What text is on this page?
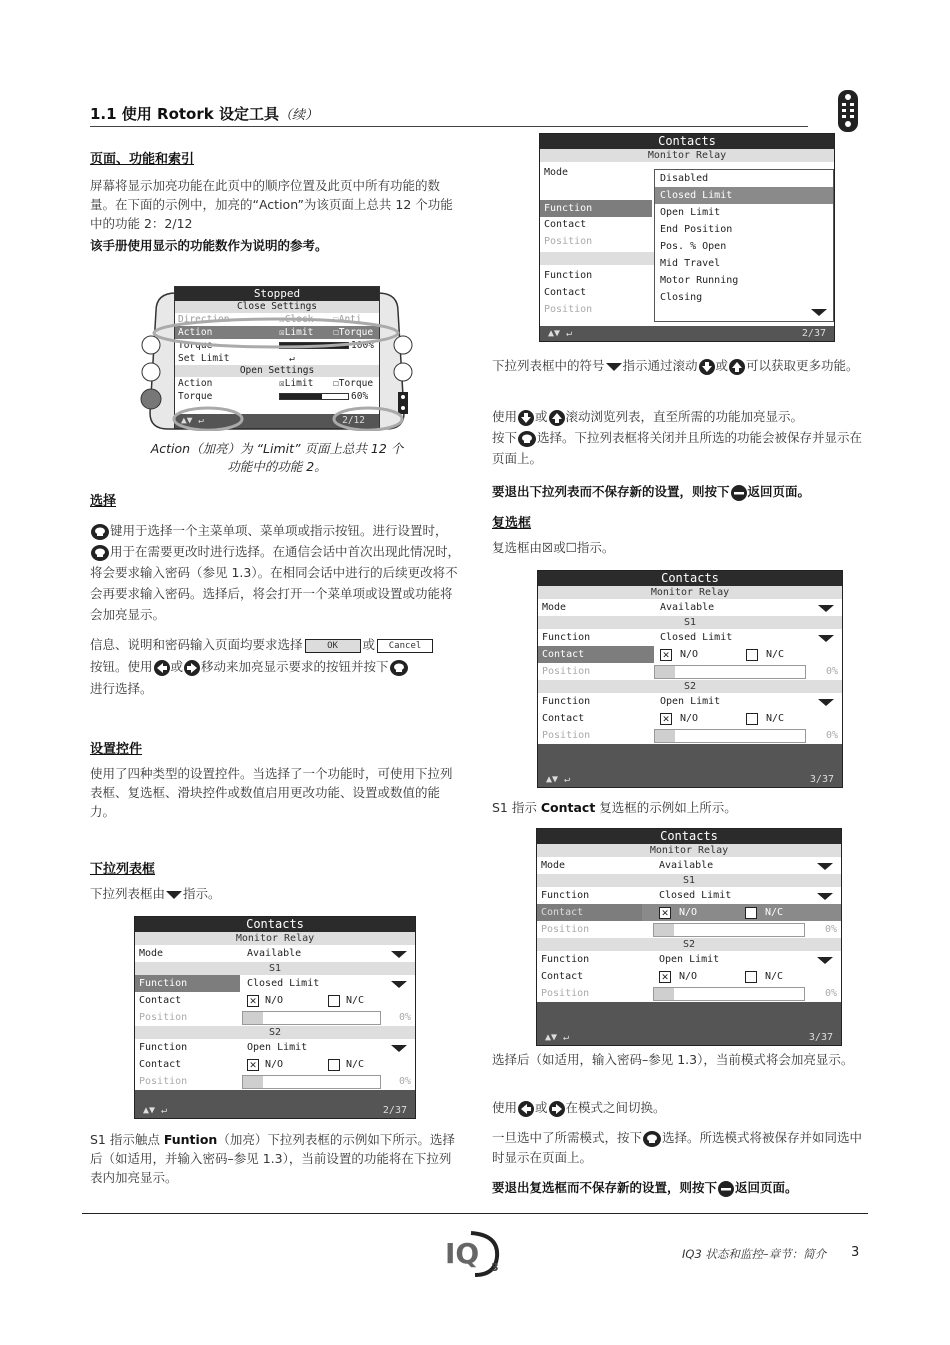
1.1 使用 Rotork 设定工具（续）
页面、功能和索引
屏幕将显示加亮功能在此页中的顺序位置及此页中所有功能的数量。在下面的示例中，加亮的“Action”为该页面上总共 12 个功能中的功能 2：2/12
该手册使用显示的功能数作为说明的参考。
Stopped
Close Settings
Direction	☒Clock ☐Anti
Action	☒Limit ☐Torque
Torque	100%
Set Limit	↵
Open Settings
Action	☒Limit ☐Torque
Torque	60%
▲▼ ↵	2/12
Action（加亮）为 “Limit” 页面上总共 12 个
功能中的功能 2。
选择
键用于选择一个主菜单项、菜单项或指示按钮。进行设置时，用于在需要更改时进行选择。在通信会话中首次出现此情况时，将会要求输入密码（参见 1.3）。在相同会话中进行的后续更改将不会再要求输入密码。选择后，将会打开一个菜单项或设置或功能将会加亮显示。
信息、说明和密码输入页面均要求选择	OK 或 Cancel
按钮。使用 或 移动来加亮显示要求的按钮并按下
进行选择。
设置控件
使用了四种类型的设置控件。当选择了一个功能时，可使用下拉列表框、复选框、滑块控件或数值启用更改功能、设置或数值的能力。
下拉列表框
下拉列表框由 指示。
Contacts
Monitor Relay
Mode	Available
S1
Function	Closed Limit
Contact	✕ N/O	N/C
Position	0%
S2
Function	Open Limit
Contact	✕ N/O	N/C
Position	0%
▲▼ ↵	2/37
S1 指示触点 Funtion（加亮）下拉列表框的示例如下所示。选择后（如适用，并输入密码–参见 1.3），当前设置的功能将在下拉列表内加亮显示。
Contacts
Monitor Relay
Mode
Function
Contact
Position
Function
Contact
Position
Disabled
Closed Limit
Open Limit
End Position
Pos. % Open
Mid Travel
Motor Running
Closing
▲▼ ↵	2/37
下拉列表框中的符号 指示通过滚动 或 可以获取更多功能。
使用 或 滚动浏览列表，直至所需的功能加亮显示。
按下 选择。下拉列表框将关闭并且所选的功能会被保存并显示在页面上。
要退出下拉列表而不保存新的设置，则按下 返回页面。
复选框
复选框由☒或☐指示。
Contacts
Monitor Relay
Mode	Available
S1
Function	Closed Limit
Contact	✕ N/O	N/C
Position	0%
S2
Function	Open Limit
Contact	✕ N/O	N/C
Position	0%
▲▼ ↵	3/37
S1 指示 Contact 复选框的示例如上所示。
Contacts
Monitor Relay
Mode	Available
S1
Function	Closed Limit
Contact	✕ N/O	N/C
Position	0%
S2
Function	Open Limit
Contact	✕ N/O	N/C
Position	0%
▲▼ ↵	3/37
选择后（如适用，输入密码–参见 1.3），当前模式将会加亮显示。
使用 或 在模式之间切换。
一旦选中了所需模式，按下 选择。所选模式将被保存并如同选中时显示在页面上。
要退出复选框而不保存新的设置，则按下 返回页面。
IQ 3
IQ3 状态和监控–章节：简介 3
